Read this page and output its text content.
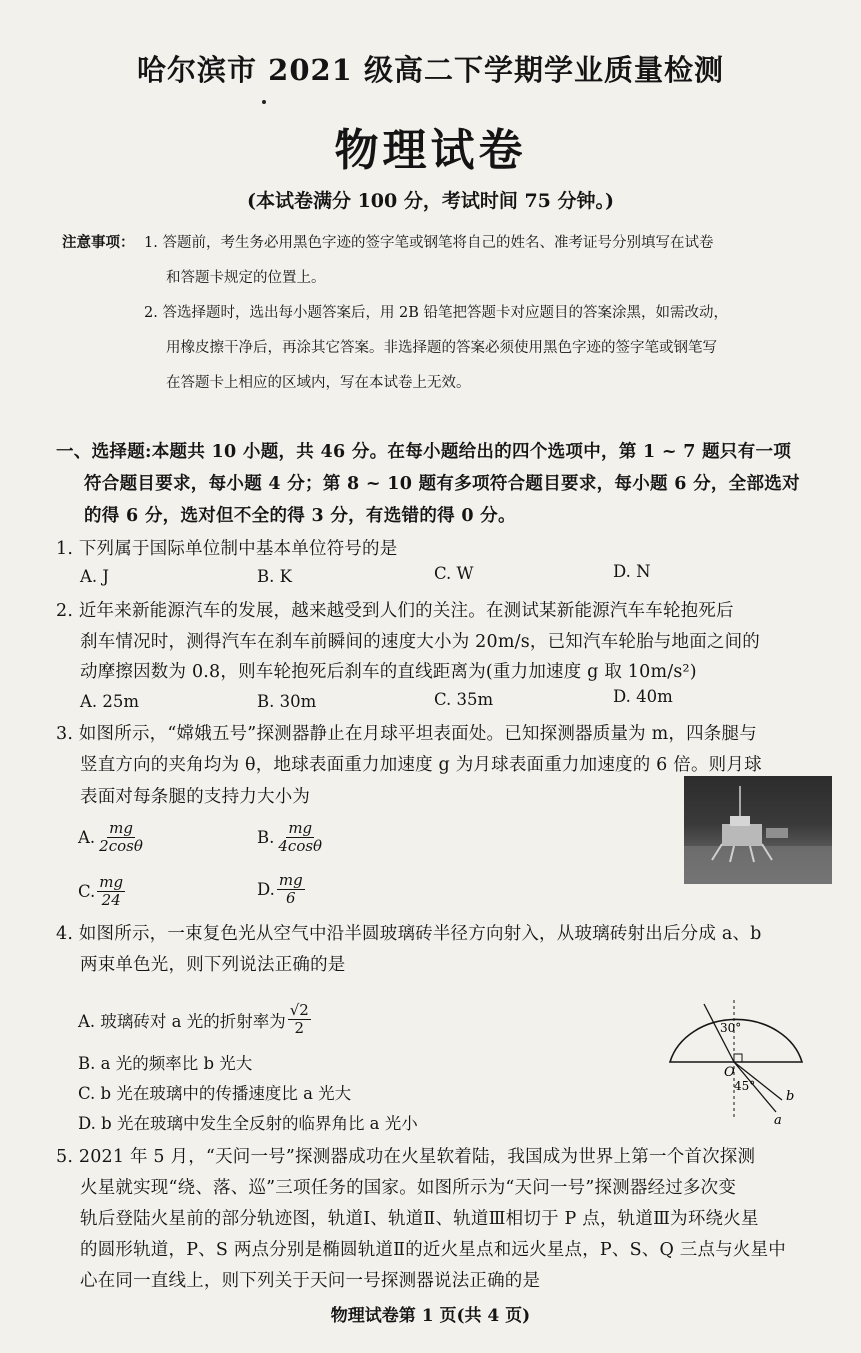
哈尔滨市 2021 级高二下学期学业质量检测
物理试卷
(本试卷满分 100 分，考试时间 75 分钟。)
注意事项： 1. 答题前，考生务必用黑色字迹的签字笔或钢笔将自己的姓名、准考证号分别填写在试卷
和答题卡规定的位置上。
2. 答选择题时，选出每小题答案后，用 2B 铅笔把答题卡对应题目的答案涂黑，如需改动，
用橡皮擦干净后，再涂其它答案。非选择题的答案必须使用黑色字迹的签字笔或钢笔写
在答题卡上相应的区域内，写在本试卷上无效。
一、选择题:本题共 10 小题，共 46 分。在每小题给出的四个选项中，第 1 ~ 7 题只有一项
符合题目要求，每小题 4 分；第 8 ~ 10 题有多项符合题目要求，每小题 6 分，全部选对
的得 6 分，选对但不全的得 3 分，有选错的得 0 分。
1. 下列属于国际单位制中基本单位符号的是
A. J	B. K	C. W	D. N
2. 近年来新能源汽车的发展，越来越受到人们的关注。在测试某新能源汽车车轮抱死后
刹车情况时，测得汽车在刹车前瞬间的速度大小为 20m/s，已知汽车轮胎与地面之间的
动摩擦因数为 0.8，则车轮抱死后刹车的直线距离为(重力加速度 g 取 10m/s²)
A. 25m	B. 30m	C. 35m	D. 40m
3. 如图所示，“嫦娥五号”探测器静止在月球平坦表面处。已知探测器质量为 m，四条腿与
竖直方向的夹角均为 θ，地球表面重力加速度 g 为月球表面重力加速度的 6 倍。则月球
表面对每条腿的支持力大小为
A. $\frac{mg}{2\cos\theta}$	B. $\frac{mg}{4\cos\theta}$
C. $\frac{mg}{24}$	D. $\frac{mg}{6}$
4. 如图所示，一束复色光从空气中沿半圆玻璃砖半径方向射入，从玻璃砖射出后分成 a、b
两束单色光，则下列说法正确的是
A. 玻璃砖对 a 光的折射率为 $\frac{√2}{2}$
B. a 光的频率比 b 光大
C. b 光在玻璃中的传播速度比 a 光大
D. b 光在玻璃中发生全反射的临界角比 a 光小
30°
O
45°
b
a
5. 2021 年 5 月，“天问一号”探测器成功在火星软着陆，我国成为世界上第一个首次探测
火星就实现“绕、落、巡”三项任务的国家。如图所示为“天问一号”探测器经过多次变
轨后登陆火星前的部分轨迹图，轨道Ⅰ、轨道Ⅱ、轨道Ⅲ相切于 P 点，轨道Ⅲ为环绕火星
的圆形轨道，P、S 两点分别是椭圆轨道Ⅱ的近火星点和远火星点，P、S、Q 三点与火星中
心在同一直线上，则下列关于天问一号探测器说法正确的是
物理试卷第 1 页(共 4 页)
